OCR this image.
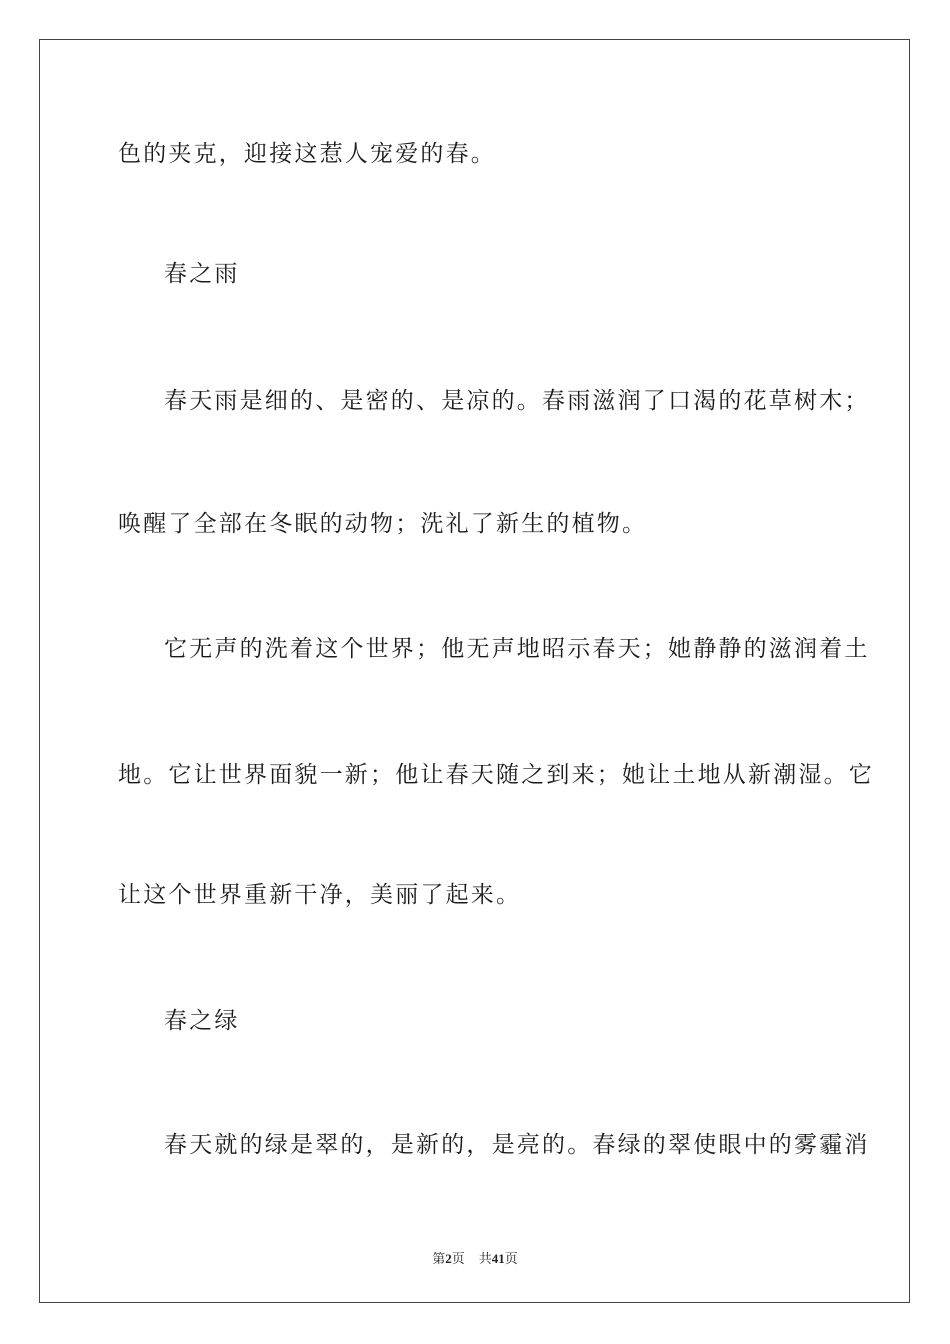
色的夹克，迎接这惹人宠爱的春。
春之雨
春天雨是细的、是密的、是凉的。春雨滋润了口渴的花草树木；
唤醒了全部在冬眠的动物；洗礼了新生的植物。
它无声的洗着这个世界；他无声地昭示春天；她静静的滋润着土
地。它让世界面貌一新；他让春天随之到来；她让土地从新潮湿。它
让这个世界重新干净，美丽了起来。
春之绿
春天就的绿是翠的，是新的，是亮的。春绿的翠使眼中的雾霾消
第2页 共41页
